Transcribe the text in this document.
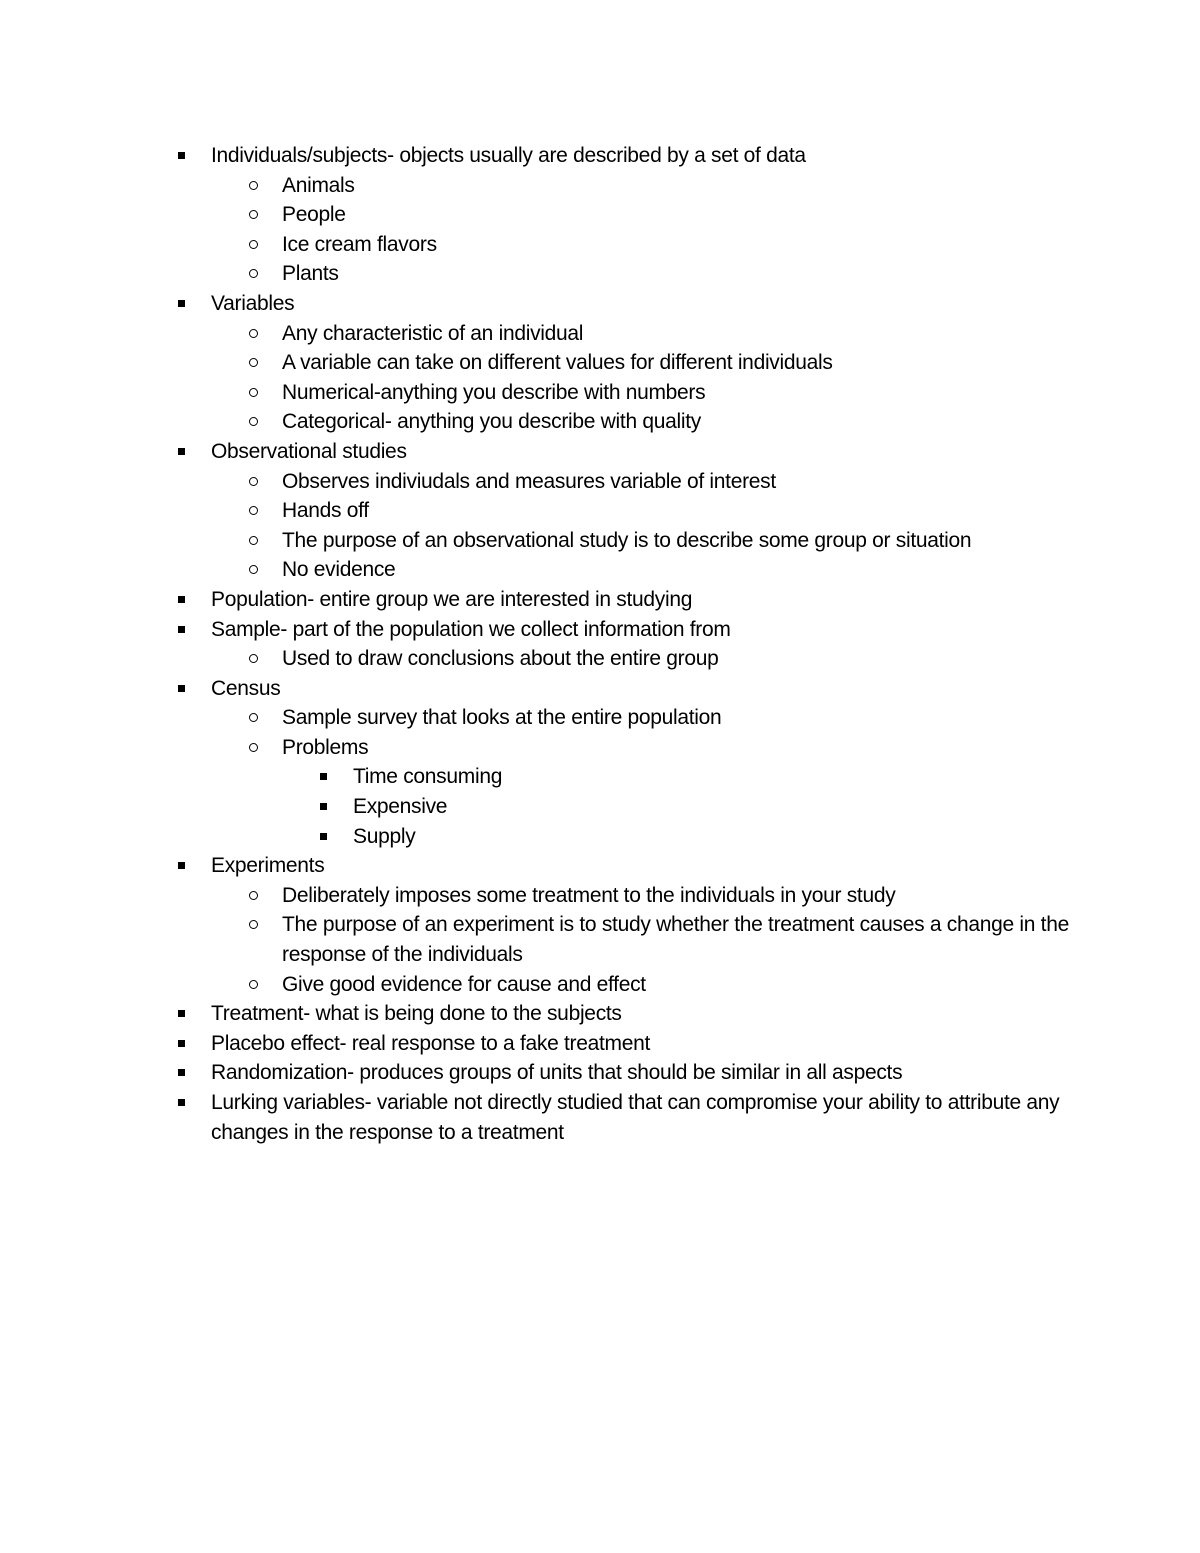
Individuals/subjects- objects usually are described by a set of data
Animals
People
Ice cream flavors
Plants
Variables
Any characteristic of an individual
A variable can take on different values for different individuals
Numerical-anything you describe with numbers
Categorical- anything you describe with quality
Observational studies
Observes indiviudals and measures variable of interest
Hands off
The purpose of an observational study is to describe some group or situation
No evidence
Population- entire group we are interested in studying
Sample- part of the population we collect information from
Used to draw conclusions about the entire group
Census
Sample survey that looks at the entire population
Problems
Time consuming
Expensive
Supply
Experiments
Deliberately imposes some treatment to the individuals in your study
The purpose of an experiment is to study whether the treatment causes a change in the response of the individuals
Give good evidence for cause and effect
Treatment- what is being done to the subjects
Placebo effect- real response to a fake treatment
Randomization- produces groups of units that should be similar in all aspects
Lurking variables- variable not directly studied that can compromise your ability to attribute any changes in the response to a treatment
